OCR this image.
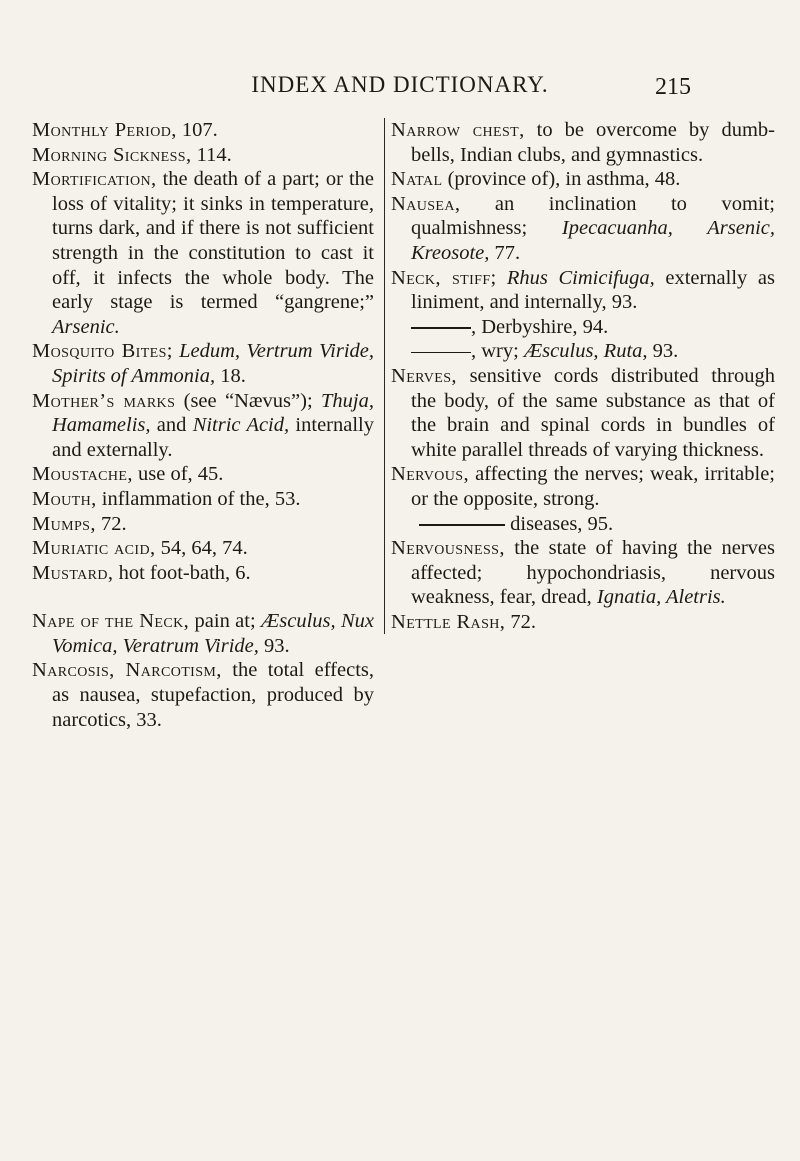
INDEX AND DICTIONARY.	215

Monthly Period, 107.

Morning Sickness, 114.

Mortification, the death of a part; or the loss of vitality; it sinks in temperature, turns dark, and if there is not sufficient strength in the constitution to cast it off, it infects the whole body. The early stage is termed “gangrene;” Arsenic.

Mosquito Bites; Ledum, Vertrum Viride, Spirits of Ammonia, 18.

Mother’s marks (see “Nævus”); Thuja, Hamamelis, and Nitric Acid, internally and externally.

Moustache, use of, 45.

Mouth, inflammation of the, 53.

Mumps, 72.

Muriatic acid, 54, 64, 74.

Mustard, hot foot-bath, 6.

Nape of the Neck, pain at; Æsculus, Nux Vomica, Veratrum Viride, 93.

Narcosis, Narcotism, the total effects, as nausea, stupefaction, produced by narcotics, 33.

Narrow chest, to be overcome by dumb-bells, Indian clubs, and gymnastics.

Natal (province of), in asthma, 48.

Nausea, an inclination to vomit; qualmishness; Ipecacuanha, Arsenic, Kreosote, 77.

Neck, stiff; Rhus Cimicifuga, externally as liniment, and internally, 93.

, Derbyshire, 94.

, wry; Æsculus, Ruta, 93.

Nerves, sensitive cords distributed through the body, of the same substance as that of the brain and spinal cords in bundles of white parallel threads of varying thickness.

Nervous, affecting the nerves; weak, irritable; or the opposite, strong.

diseases, 95.

Nervousness, the state of having the nerves affected; hypochondriasis, nervous weakness, fear, dread, Ignatia, Aletris.

Nettle Rash, 72.
